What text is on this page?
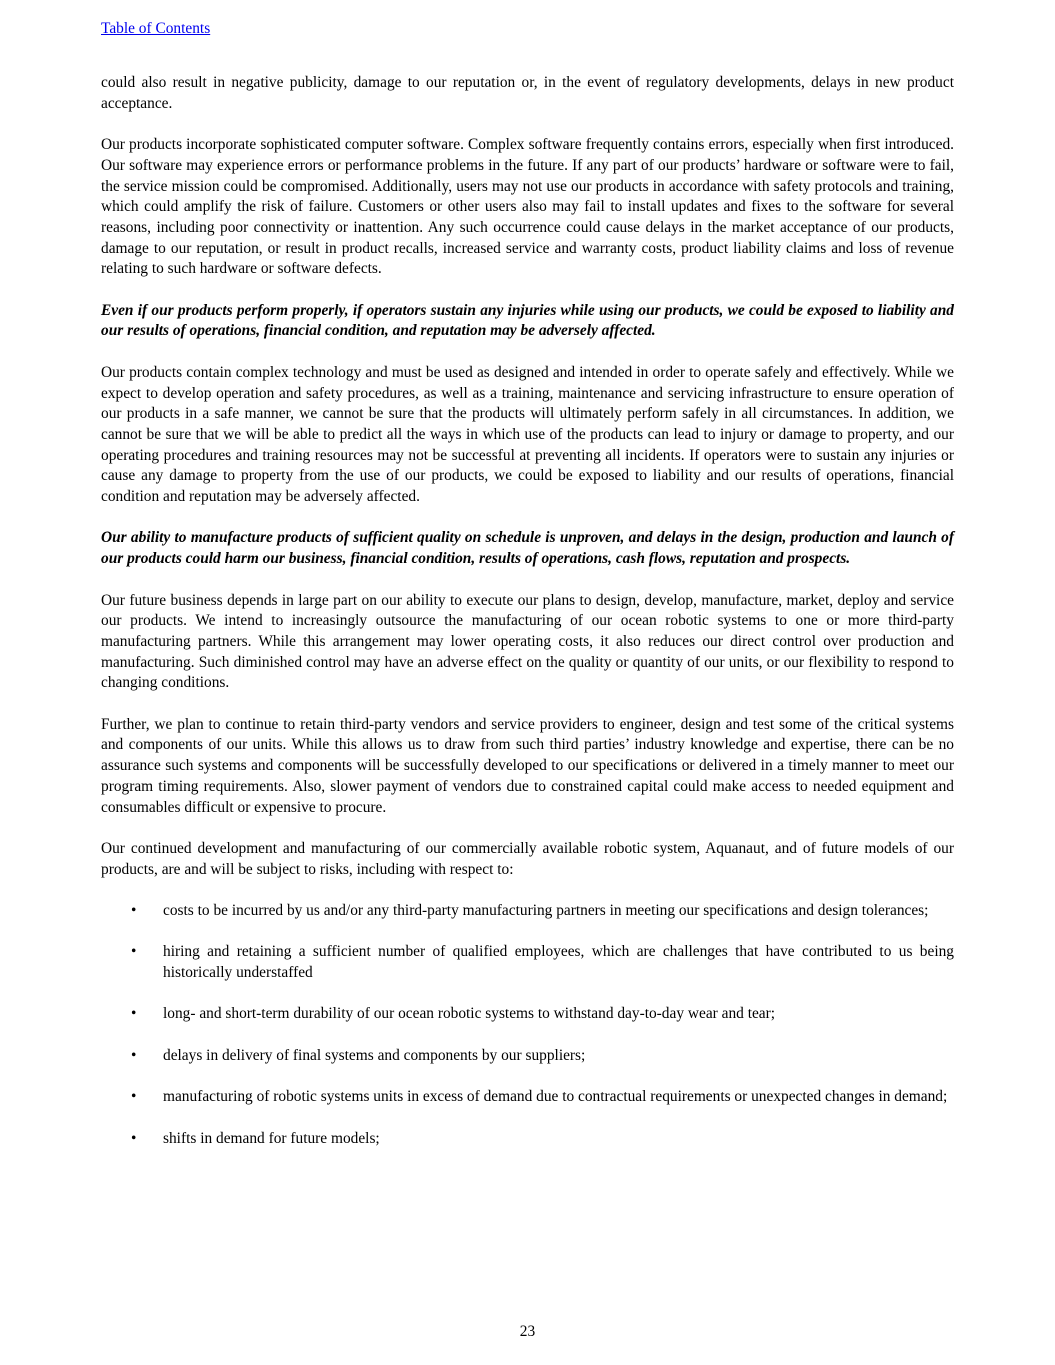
Table of Contents

could also result in negative publicity, damage to our reputation or, in the event of regulatory developments, delays in new product acceptance.

Our products incorporate sophisticated computer software. Complex software frequently contains errors, especially when first introduced. Our software may experience errors or performance problems in the future. If any part of our products’ hardware or software were to fail, the service mission could be compromised. Additionally, users may not use our products in accordance with safety protocols and training, which could amplify the risk of failure. Customers or other users also may fail to install updates and fixes to the software for several reasons, including poor connectivity or inattention. Any such occurrence could cause delays in the market acceptance of our products, damage to our reputation, or result in product recalls, increased service and warranty costs, product liability claims and loss of revenue relating to such hardware or software defects.

Even if our products perform properly, if operators sustain any injuries while using our products, we could be exposed to liability and our results of operations, financial condition, and reputation may be adversely affected.

Our products contain complex technology and must be used as designed and intended in order to operate safely and effectively. While we expect to develop operation and safety procedures, as well as a training, maintenance and servicing infrastructure to ensure operation of our products in a safe manner, we cannot be sure that the products will ultimately perform safely in all circumstances. In addition, we cannot be sure that we will be able to predict all the ways in which use of the products can lead to injury or damage to property, and our operating procedures and training resources may not be successful at preventing all incidents. If operators were to sustain any injuries or cause any damage to property from the use of our products, we could be exposed to liability and our results of operations, financial condition and reputation may be adversely affected.

Our ability to manufacture products of sufficient quality on schedule is unproven, and delays in the design, production and launch of our products could harm our business, financial condition, results of operations, cash flows, reputation and prospects.

Our future business depends in large part on our ability to execute our plans to design, develop, manufacture, market, deploy and service our products. We intend to increasingly outsource the manufacturing of our ocean robotic systems to one or more third-party manufacturing partners. While this arrangement may lower operating costs, it also reduces our direct control over production and manufacturing. Such diminished control may have an adverse effect on the quality or quantity of our units, or our flexibility to respond to changing conditions.

Further, we plan to continue to retain third-party vendors and service providers to engineer, design and test some of the critical systems and components of our units. While this allows us to draw from such third parties’ industry knowledge and expertise, there can be no assurance such systems and components will be successfully developed to our specifications or delivered in a timely manner to meet our program timing requirements. Also, slower payment of vendors due to constrained capital could make access to needed equipment and consumables difficult or expensive to procure.

Our continued development and manufacturing of our commercially available robotic system, Aquanaut, and of future models of our products, are and will be subject to risks, including with respect to:

• costs to be incurred by us and/or any third-party manufacturing partners in meeting our specifications and design tolerances;
• hiring and retaining a sufficient number of qualified employees, which are challenges that have contributed to us being historically understaffed
• long- and short-term durability of our ocean robotic systems to withstand day-to-day wear and tear;
• delays in delivery of final systems and components by our suppliers;
• manufacturing of robotic systems units in excess of demand due to contractual requirements or unexpected changes in demand;
• shifts in demand for future models;
23
